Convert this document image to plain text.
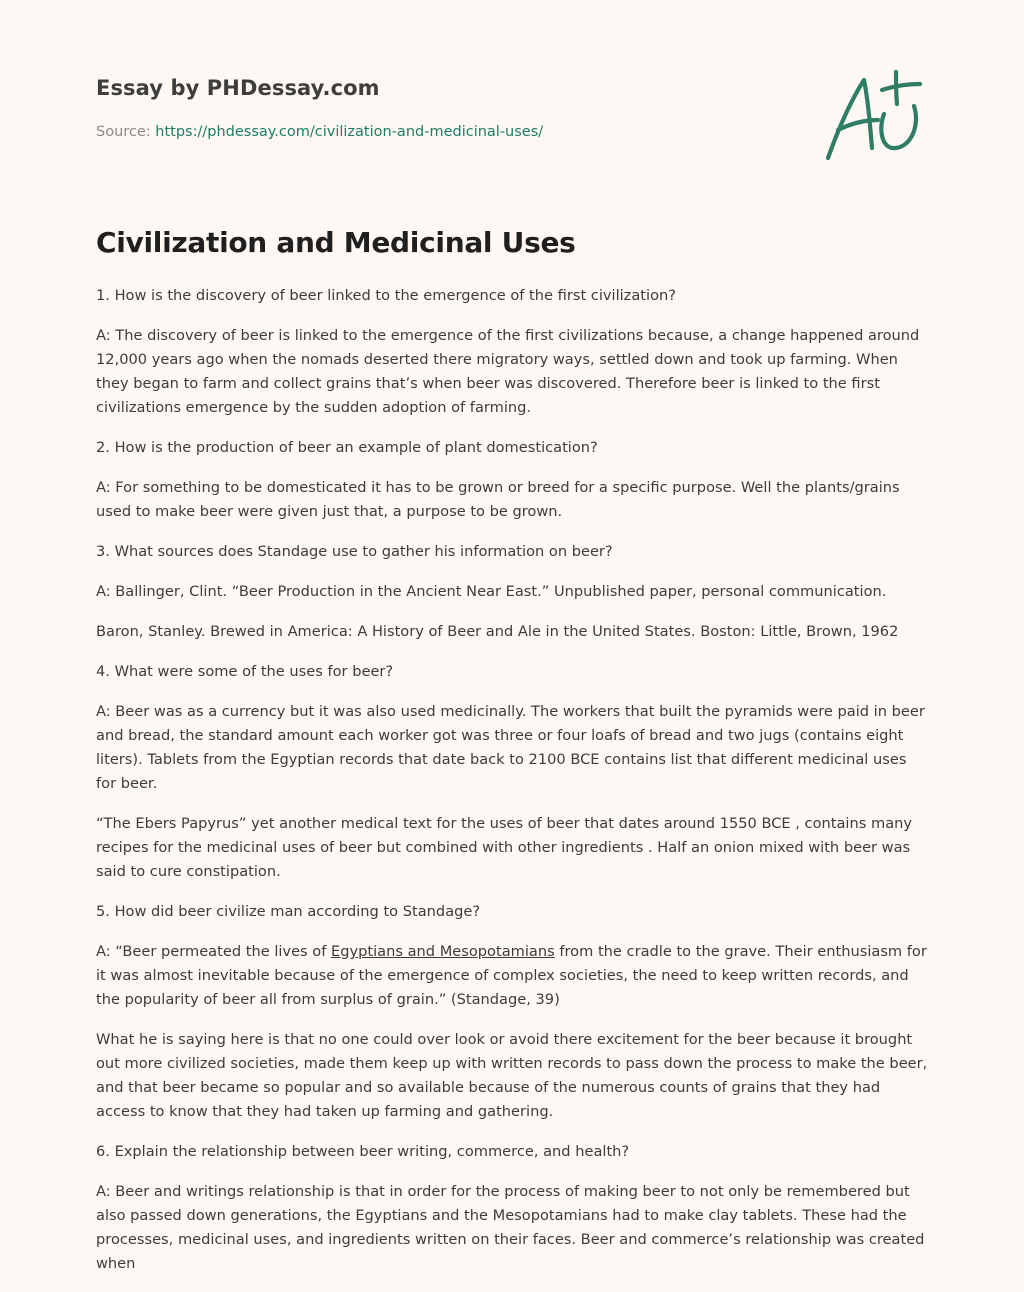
Essay by PHDessay.com
Source: https://phdessay.com/civilization-and-medicinal-uses/
Civilization and Medicinal Uses

1. How is the discovery of beer linked to the emergence of the first civilization?

A: The discovery of beer is linked to the emergence of the first civilizations because, a change happened around 12,000 years ago when the nomads deserted there migratory ways, settled down and took up farming. When they began to farm and collect grains that’s when beer was discovered. Therefore beer is linked to the first civilizations emergence by the sudden adoption of farming.

2. How is the production of beer an example of plant domestication?

A: For something to be domesticated it has to be grown or breed for a specific purpose. Well the plants/grains used to make beer were given just that, a purpose to be grown.

3. What sources does Standage use to gather his information on beer?

A: Ballinger, Clint. “Beer Production in the Ancient Near East.” Unpublished paper, personal communication.

Baron, Stanley. Brewed in America: A History of Beer and Ale in the United States. Boston: Little, Brown, 1962

4. What were some of the uses for beer?

A: Beer was as a currency but it was also used medicinally. The workers that built the pyramids were paid in beer and bread, the standard amount each worker got was three or four loafs of bread and two jugs (contains eight liters). Tablets from the Egyptian records that date back to 2100 BCE contains list that different medicinal uses for beer.

“The Ebers Papyrus” yet another medical text for the uses of beer that dates around 1550 BCE , contains many recipes for the medicinal uses of beer but combined with other ingredients . Half an onion mixed with beer was said to cure constipation.

5. How did beer civilize man according to Standage?

A: “Beer permeated the lives of Egyptians and Mesopotamians from the cradle to the grave. Their enthusiasm for it was almost inevitable because of the emergence of complex societies, the need to keep written records, and the popularity of beer all from surplus of grain.” (Standage, 39)

What he is saying here is that no one could over look or avoid there excitement for the beer because it brought out more civilized societies, made them keep up with written records to pass down the process to make the beer, and that beer became so popular and so available because of the numerous counts of grains that they had access to know that they had taken up farming and gathering.

6. Explain the relationship between beer writing, commerce, and health?

A: Beer and writings relationship is that in order for the process of making beer to not only be remembered but also passed down generations, the Egyptians and the Mesopotamians had to make clay tablets. These had the processes, medicinal uses, and ingredients written on their faces. Beer and commerce’s relationship was created when
